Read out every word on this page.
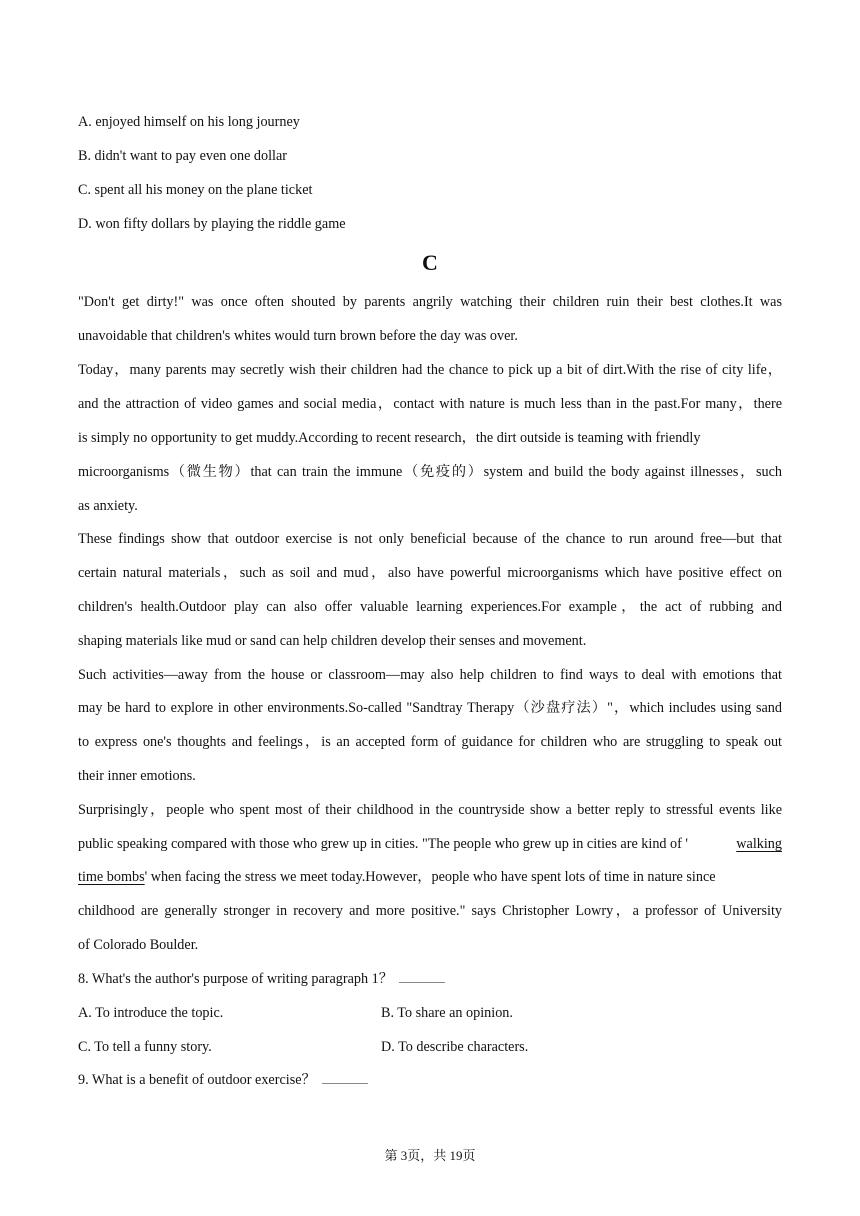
A. enjoyed himself on his long journey
B. didn't want to pay even one dollar
C. spent all his money on the plane ticket
D. won fifty dollars by playing the riddle game
C
"Don't get dirty!" was once often shouted by parents angrily watching their children ruin their best clothes.It was
unavoidable that children's whites would turn brown before the day was over.
Today，many parents may secretly wish their children had the chance to pick up a bit of dirt.With the rise of city life，
and the attraction of video games and social media，contact with nature is much less than in the past.For many，there
is simply no opportunity to get muddy.According to recent research，the dirt outside is teaming with friendly
microorganisms（微生物）that can train the immune（免疫的）system and build the body against illnesses，such
as anxiety.
These findings show that outdoor exercise is not only beneficial because of the chance to run around free—but that
certain natural materials，such as soil and mud，also have powerful microorganisms which have positive effect on
children's health.Outdoor play can also offer valuable learning experiences.For example，the act of rubbing and
shaping materials like mud or sand can help children develop their senses and movement.
Such activities—away from the house or classroom—may also help children to find ways to deal with emotions that
may be hard to explore in other environments.So-called "Sandtray Therapy（沙盘疗法）"，which includes using sand
to express one's thoughts and feelings，is an accepted form of guidance for children who are struggling to speak out
their inner emotions.
Surprisingly，people who spent most of their childhood in the countryside show a better reply to stressful events like
public speaking compared with those who grew up in cities. "The people who grew up in cities are kind of '	walking
time bombs' when facing the stress we meet today.However，people who have spent lots of time in nature since
childhood are generally stronger in recovery and more positive." says Christopher Lowry，a professor of University
of Colorado Boulder.
8. What's the author's purpose of writing paragraph 1？
A. To introduce the topic.	B. To share an opinion.
C. To tell a funny story.	D. To describe characters.
9. What is a benefit of outdoor exercise？
第 3页，共 19页
